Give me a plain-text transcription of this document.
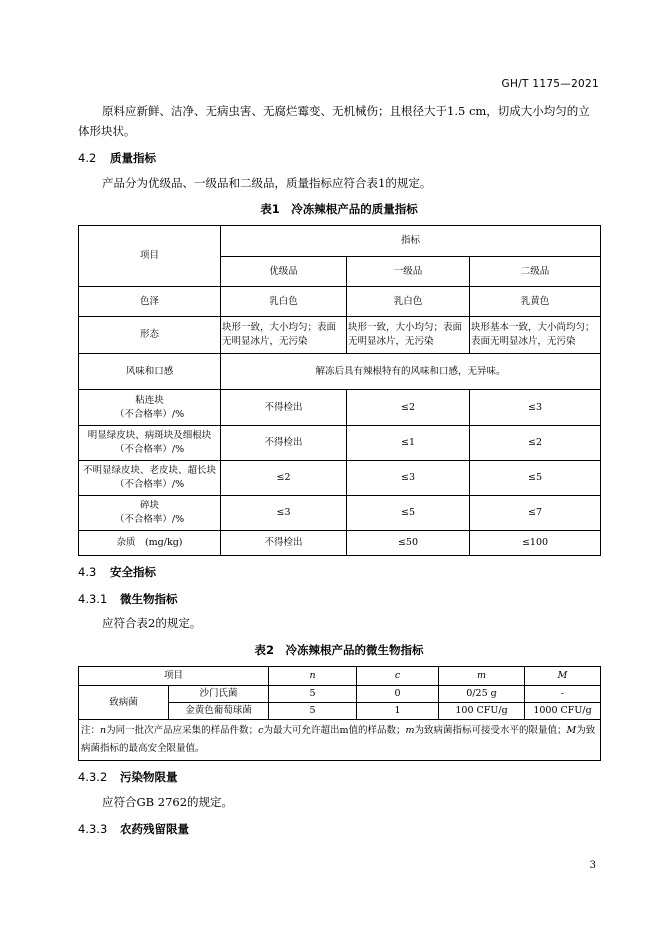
GH/T 1175—2021
原料应新鲜、洁净、无病虫害、无腐烂霉变、无机械伤；且根径大于1.5 cm，切成大小均匀的立体形块状。
4.2 质量指标
产品分为优级品、一级品和二级品，质量指标应符合表1的规定。
表1　冷冻辣根产品的质量指标
项目	指标		
	优级品	一级品	二级品
色泽	乳白色	乳白色	乳黄色
形态	块形一致，大小均匀；表面无明显冰片，无污染	块形一致，大小均匀；表面无明显冰片，无污染	块形基本一致，大小尚均匀；表面无明显冰片，无污染
风味和口感	解冻后具有辣根特有的风味和口感，无异味。		

粘连块
（不合格率）/%	不得检出	≤2	≤3

明显绿皮块、病斑块及细根块
（不合格率）/%	不得检出	≤1	≤2

不明显绿皮块、老皮块、超长块
（不合格率）/%	≤2	≤3	≤5

碎块
（不合格率）/%	≤3	≤5	≤7
杂质　(mg/kg)	不得检出	≤50	≤100
4.3 安全指标
4.3.1 微生物指标
应符合表2的规定。
表2　冷冻辣根产品的微生物指标
项目		n	c	m	M
致病菌	沙门氏菌	5	0	0/25 g	-
	金黄色葡萄球菌	5	1	100 CFU/g	1000 CFU/g
注：n为同一批次产品应采集的样品件数；c为最大可允许超出m值的样品数；m为致病菌指标可接受水平的限量值；M为致病菌指标的最高安全限量值。					
4.3.2 污染物限量
应符合GB 2762的规定。
4.3.3 农药残留限量
3
